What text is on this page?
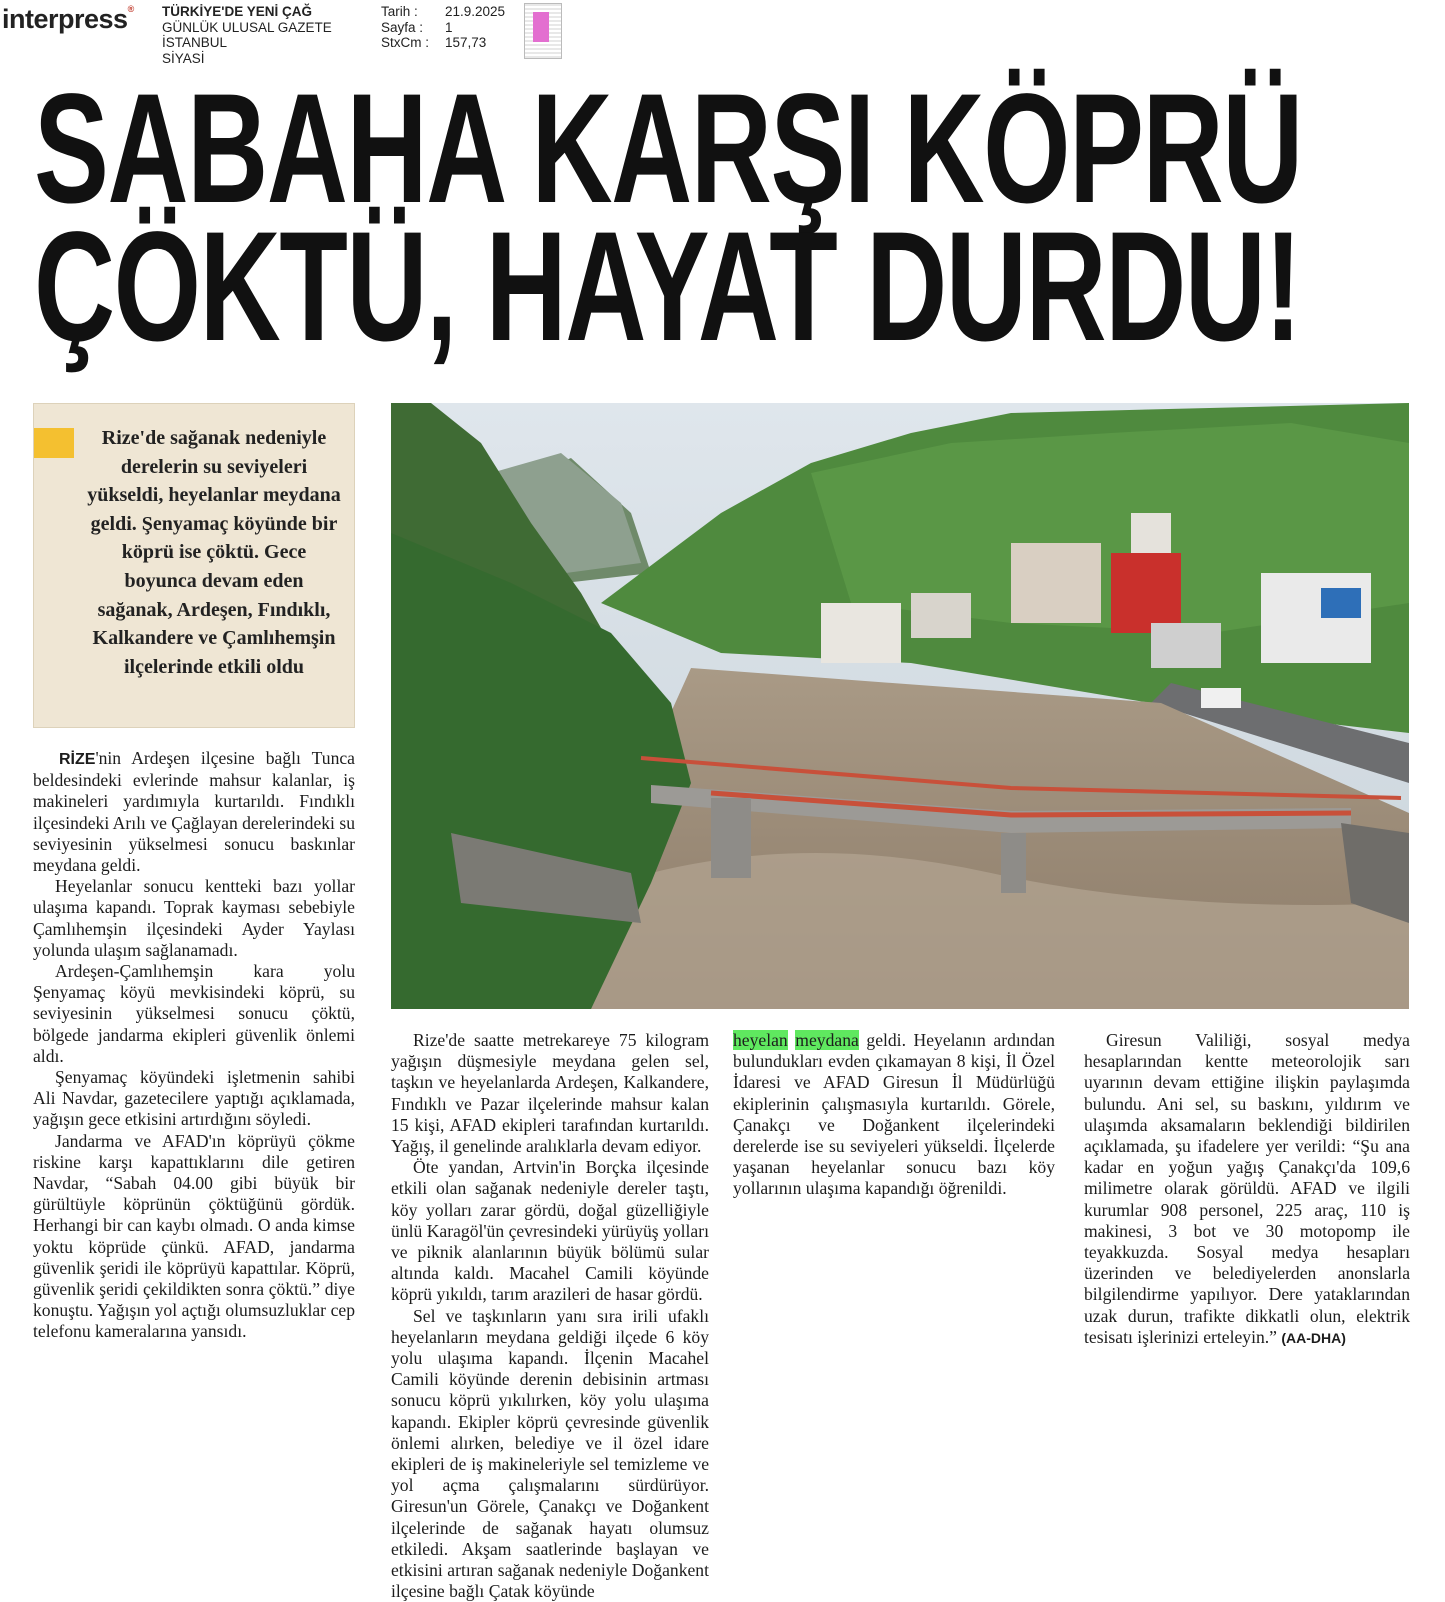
interpress® TÜRKİYE'DE YENİ ÇAĞ
GÜNLÜK ULUSAL GAZETE
İSTANBUL
SİYASİ
Tarih :	21.9.2025
Sayfa :	1
StxCm :	157,73
SABAHA KARŞI KÖPRÜ
ÇÖKTÜ, HAYAT DURDU!
Rize'de sağanak nedeniyle derelerin su seviyeleri yükseldi, heyelanlar meydana geldi. Şenyamaç köyünde bir köprü ise çöktü. Gece boyunca devam eden sağanak, Ardeşen, Fındıklı, Kalkandere ve Çamlıhemşin ilçelerinde etkili oldu

RİZE'nin Ardeşen ilçesine bağlı Tunca beldesindeki evlerinde mahsur kalanlar, iş makineleri yardımıyla kurtarıldı. Fındıklı ilçesindeki Arılı ve Çağlayan derelerindeki su seviyesinin yükselmesi sonucu baskınlar meydana geldi.

Heyelanlar sonucu kentteki bazı yollar ulaşıma kapandı. Toprak kayması sebebiyle Çamlıhemşin ilçesindeki Ayder Yaylası yolunda ulaşım sağlanamadı.

Ardeşen-Çamlıhemşin kara yolu Şenyamaç köyü mevkisindeki köprü, su seviyesinin yükselmesi sonucu çöktü, bölgede jandarma ekipleri güvenlik önlemi aldı.

Şenyamaç köyündeki işletmenin sahibi Ali Navdar, gazetecilere yaptığı açıklamada, yağışın gece etkisini artırdığını söyledi.

Jandarma ve AFAD'ın köprüyü çökme riskine karşı kapattıklarını dile getiren Navdar, “Sabah 04.00 gibi büyük bir gürültüyle köprünün çöktüğünü gördük. Herhangi bir can kaybı olmadı. O anda kimse yoktu köprüde çünkü. AFAD, jandarma güvenlik şeridi ile köprüyü kapattılar. Köprü, güvenlik şeridi çekildikten sonra çöktü.” diye konuştu. Yağışın yol açtığı olumsuzluklar cep telefonu kameralarına yansıdı.

Rize'de saatte metrekareye 75 kilogram yağışın düşmesiyle meydana gelen sel, taşkın ve heyelanlarda Ardeşen, Kalkandere, Fındıklı ve Pazar ilçelerinde mahsur kalan 15 kişi, AFAD ekipleri tarafından kurtarıldı. Yağış, il genelinde aralıklarla devam ediyor.

Öte yandan, Artvin'in Borçka ilçesinde etkili olan sağanak nedeniyle dereler taştı, köy yolları zarar gördü, doğal güzelliğiyle ünlü Karagöl'ün çevresindeki yürüyüş yolları ve piknik alanlarının büyük bölümü sular altında kaldı. Macahel Camili köyünde köprü yıkıldı, tarım arazileri de hasar gördü.

Sel ve taşkınların yanı sıra irili ufaklı heyelanların meydana geldiği ilçede 6 köy yolu ulaşıma kapandı. İlçenin Macahel Camili köyünde derenin debisinin artması sonucu köprü yıkılırken, köy yolu ulaşıma kapandı. Ekipler köprü çevresinde güvenlik önlemi alırken, belediye ve il özel idare ekipleri de iş makineleriyle sel temizleme ve yol açma çalışmalarını sürdürüyor. Giresun'un Görele, Çanakçı ve Doğankent ilçelerinde de sağanak hayatı olumsuz etkiledi. Akşam saatlerinde başlayan ve etkisini artıran sağanak nedeniyle Doğankent ilçesine bağlı Çatak köyünde

heyelan meydana geldi. Heyelanın ardından bulundukları evden çıkamayan 8 kişi, İl Özel İdaresi ve AFAD Giresun İl Müdürlüğü ekiplerinin çalışmasıyla kurtarıldı. Görele, Çanakçı ve Doğankent ilçelerindeki derelerde ise su seviyeleri yükseldi. İlçelerde yaşanan heyelanlar sonucu bazı köy yollarının ulaşıma kapandığı öğrenildi.

Giresun Valiliği, sosyal medya hesaplarından kentte meteorolojik sarı uyarının devam ettiğine ilişkin paylaşımda bulundu. Ani sel, su baskını, yıldırım ve ulaşımda aksamaların beklendiği bildirilen açıklamada, şu ifadelere yer verildi: “Şu ana kadar en yoğun yağış Çanakçı'da 109,6 milimetre olarak görüldü. AFAD ve ilgili kurumlar 908 personel, 225 araç, 110 iş makinesi, 3 bot ve 30 motopomp ile teyakkuzda. Sosyal medya hesapları üzerinden ve belediyelerden anonslarla bilgilendirme yapılıyor. Dere yataklarından uzak durun, trafikte dikkatli olun, elektrik tesisatı işlerinizi erteleyin.” (AA-DHA)
